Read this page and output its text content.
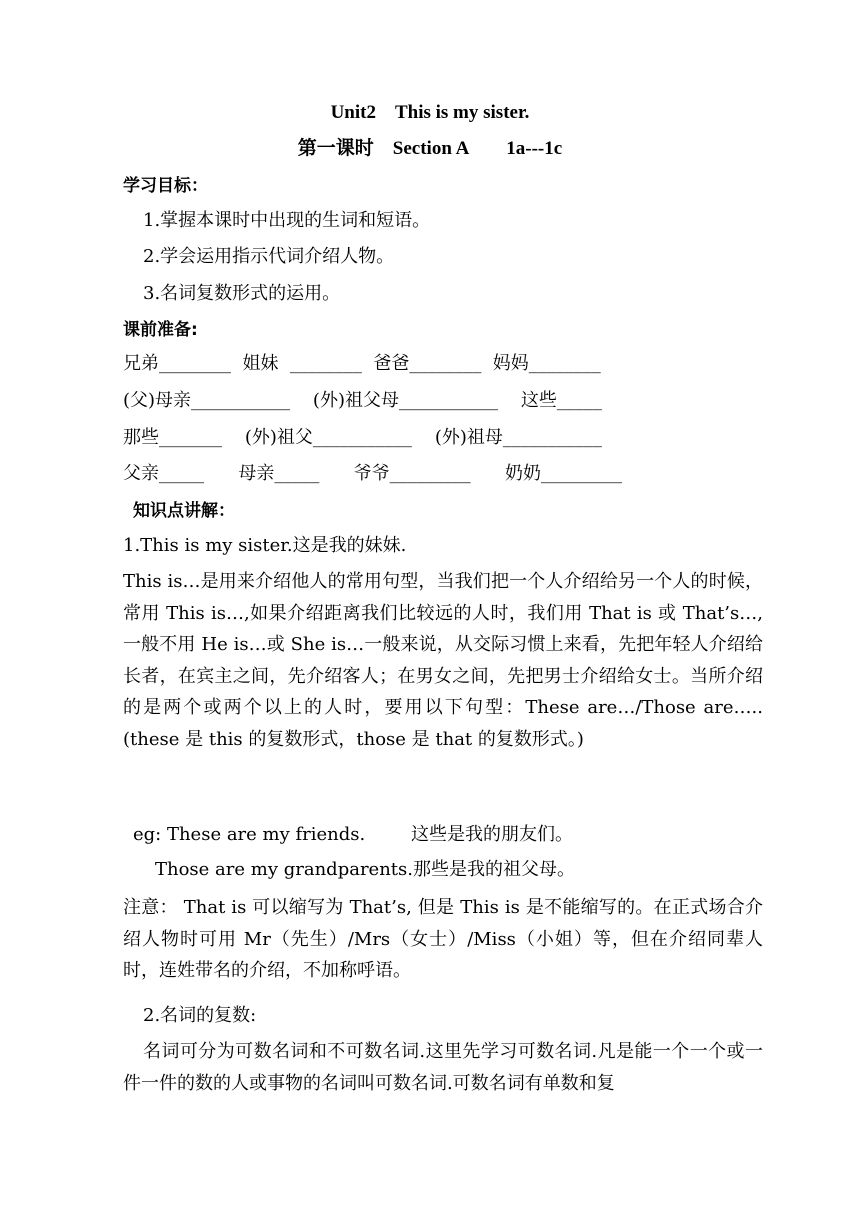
Unit2　This is my sister.
第一课时　Section A　　1a---1c
学习目标：
1.掌握本课时中出现的生词和短语。
2.学会运用指示代词介绍人物。
3.名词复数形式的运用。
课前准备:
兄弟________  姐妹  ________  爸爸________  妈妈________
(父)母亲___________    (外)祖父母___________    这些_____
那些_______    (外)祖父___________    (外)祖母___________
父亲_____      母亲_____      爷爷_________      奶奶_________
知识点讲解：
1.This is my sister.这是我的妹妹.
This is…是用来介绍他人的常用句型，当我们把一个人介绍给另一个人的时候，常用 This is…,如果介绍距离我们比较远的人时，我们用 That is 或 That’s…,一般不用 He is…或 She is…一般来说，从交际习惯上来看，先把年轻人介绍给长者，在宾主之间，先介绍客人；在男女之间，先把男士介绍给女士。当所介绍的是两个或两个以上的人时，要用以下句型：These are…/Those are…..(these 是 this 的复数形式，those 是 that 的复数形式。)
eg: These are my friends.        这些是我的朋友们。
Those are my grandparents.那些是我的祖父母。
注意： That is 可以缩写为 That’s, 但是 This is 是不能缩写的。在正式场合介绍人物时可用 Mr（先生）/Mrs（女士）/Miss（小姐）等，但在介绍同辈人时，连姓带名的介绍，不加称呼语。
2.名词的复数:
名词可分为可数名词和不可数名词.这里先学习可数名词.凡是能一个一个或一件一件的数的人或事物的名词叫可数名词.可数名词有单数和复
